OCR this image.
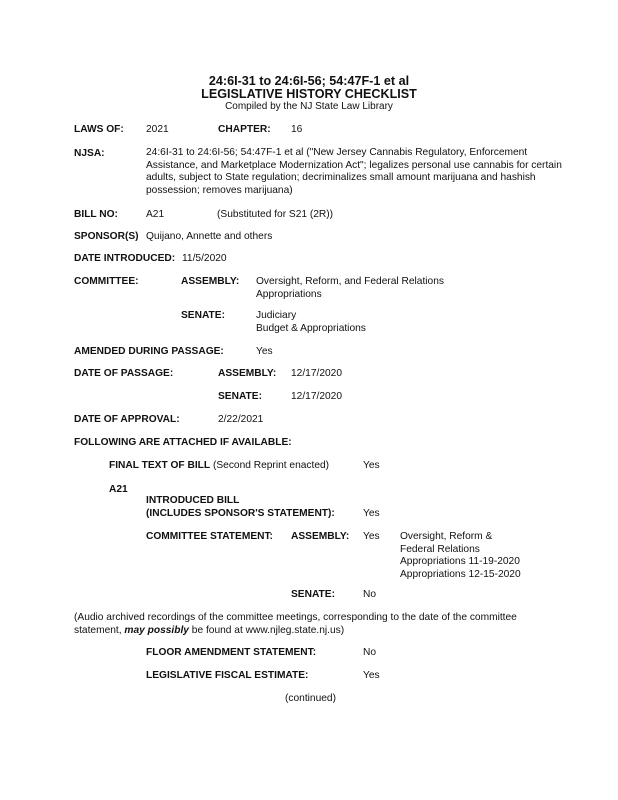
24:6I-31 to 24:6I-56; 54:47F-1 et al
LEGISLATIVE HISTORY CHECKLIST
Compiled by the NJ State Law Library
LAWS OF: 2021	CHAPTER: 16
NJSA:	24:6I-31 to 24:6I-56; 54:47F-1 et al ("New Jersey Cannabis Regulatory, Enforcement
Assistance, and Marketplace Modernization Act"; legalizes personal use cannabis for certain
adults, subject to State regulation; decriminalizes small amount marijuana and hashish
possession; removes marijuana)
BILL NO:	A21	(Substituted for S21 (2R))
SPONSOR(S) Quijano, Annette and others
DATE INTRODUCED: 11/5/2020
COMMITTEE:	ASSEMBLY: Oversight, Reform, and Federal Relations
Appropriations
SENATE:	Judiciary
Budget & Appropriations
AMENDED DURING PASSAGE:	Yes
DATE OF PASSAGE:	ASSEMBLY: 12/17/2020
SENATE:	12/17/2020
DATE OF APPROVAL:	2/22/2021
FOLLOWING ARE ATTACHED IF AVAILABLE:
FINAL TEXT OF BILL (Second Reprint enacted)	Yes
A21
INTRODUCED BILL
(INCLUDES SPONSOR'S STATEMENT):	Yes
COMMITTEE STATEMENT: ASSEMBLY: Yes Oversight, Reform &
Federal Relations
Appropriations 11-19-2020
Appropriations 12-15-2020
SENATE:	No
(Audio archived recordings of the committee meetings, corresponding to the date of the committee
statement, may possibly be found at www.njleg.state.nj.us)
FLOOR AMENDMENT STATEMENT:	No
LEGISLATIVE FISCAL ESTIMATE:	Yes
(continued)
